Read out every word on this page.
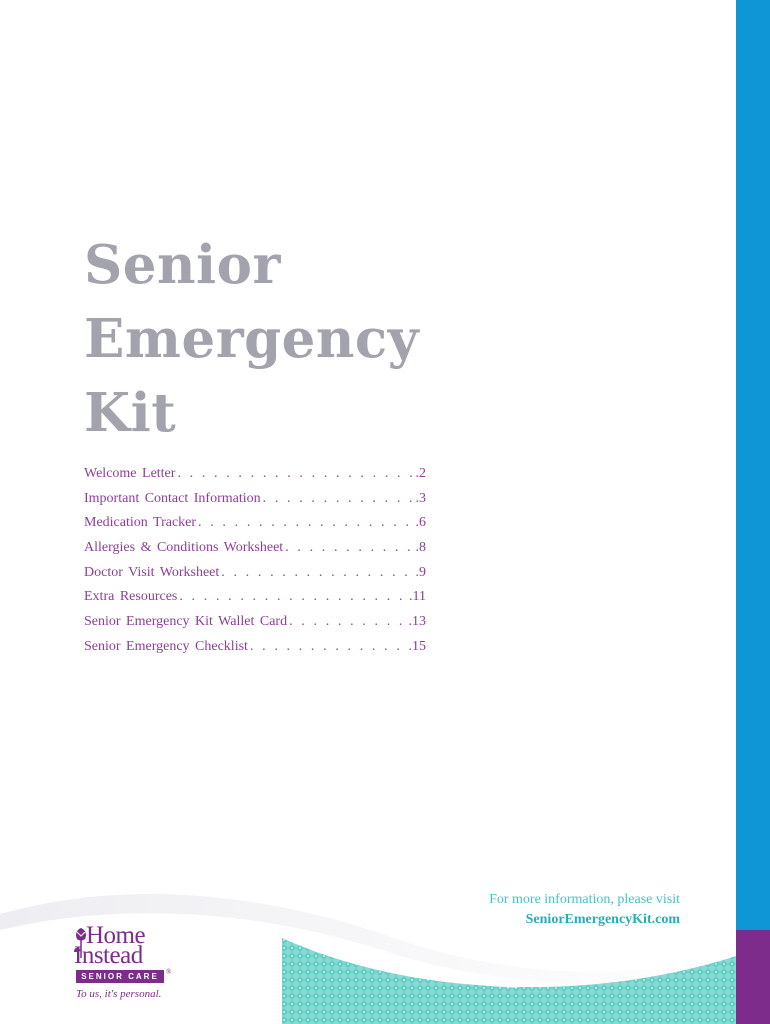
Senior
Emergency
Kit
Welcome Letter . . .	.2
Important Contact Information . . .	.3
Medication Tracker . . .	.6
Allergies & Conditions Worksheet . . .	.8
Doctor Visit Worksheet . . .	.9
Extra Resources . . .	.11
Senior Emergency Kit Wallet Card . . .	.13
Senior Emergency Checklist . . .	.15
For more information, please visit
SeniorEmergencyKit.com
Home
Instead
SENIOR CARE	®
To us, it's personal.
